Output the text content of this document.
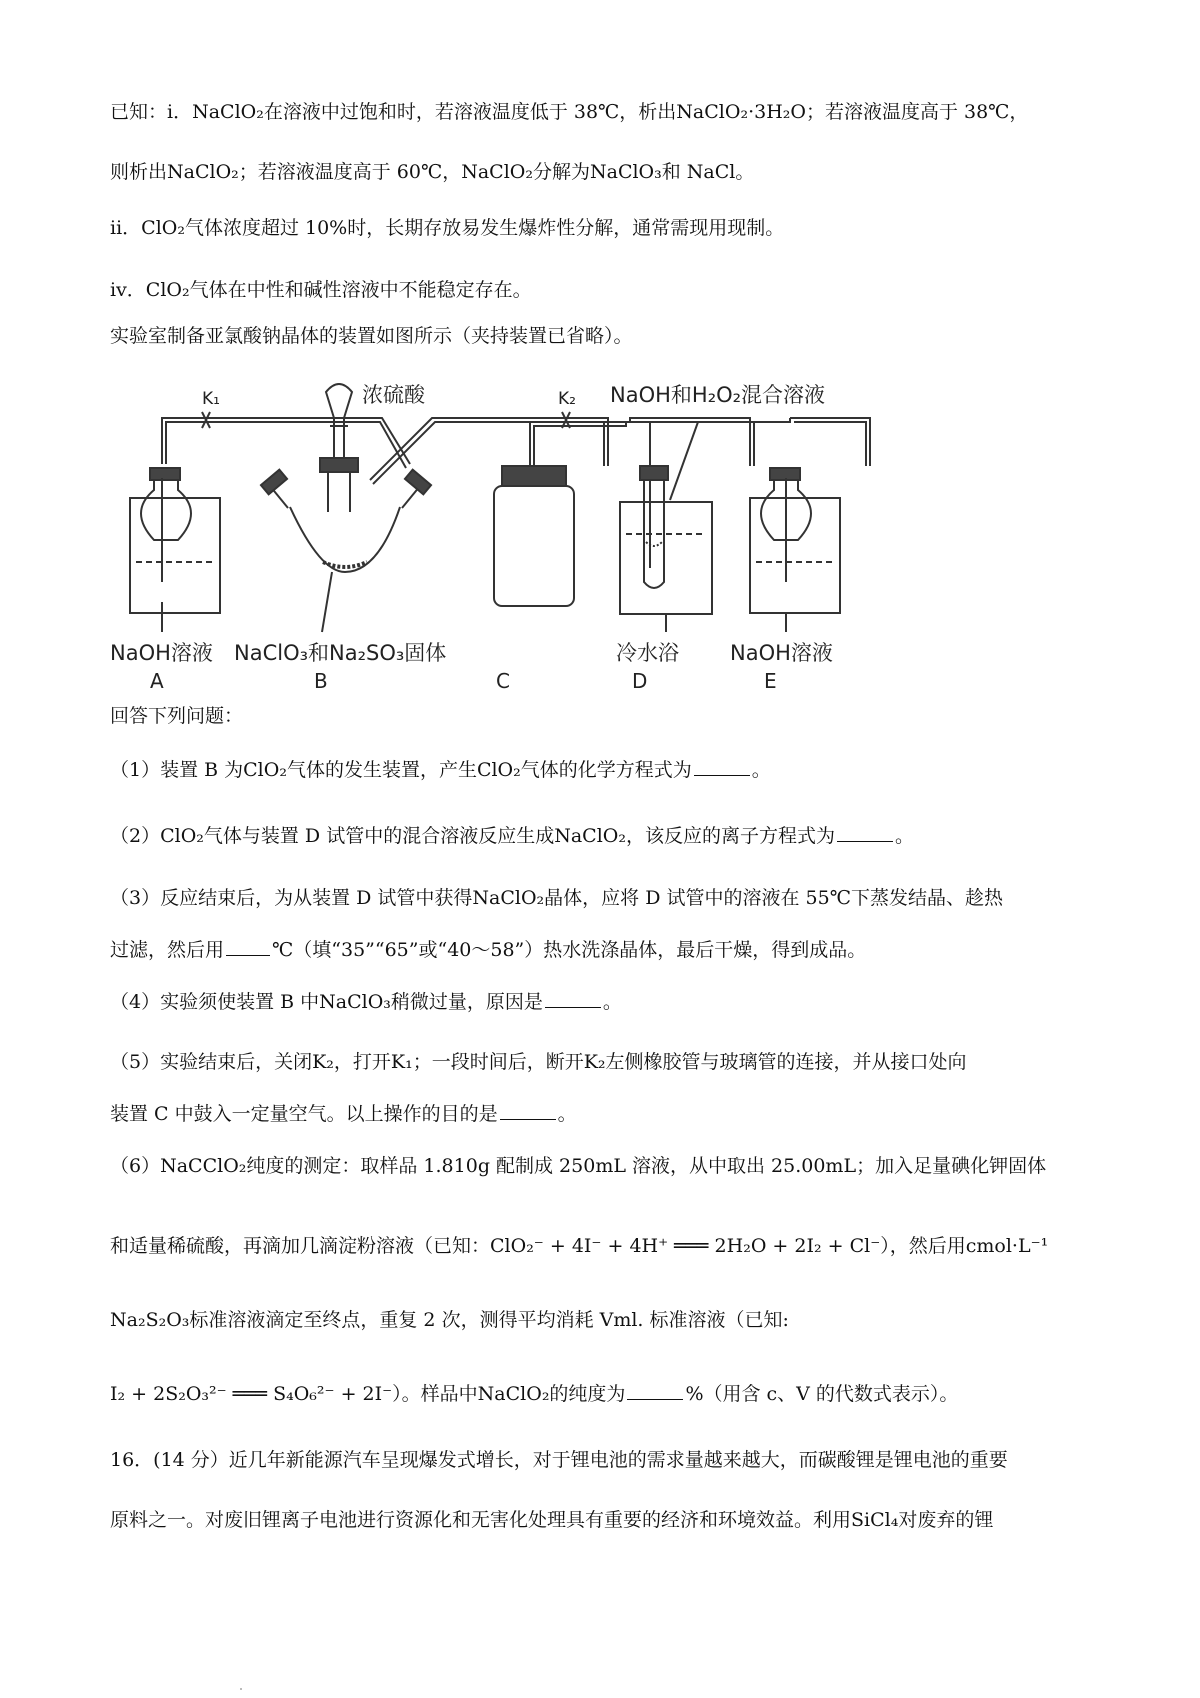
已知：ⅰ．NaClO₂在溶液中过饱和时，若溶液温度低于 38℃，析出NaClO₂·3H₂O；若溶液温度高于 38℃，
则析出NaClO₂；若溶液温度高于 60℃，NaClO₂分解为NaClO₃和 NaCl。
ⅱ．ClO₂气体浓度超过 10%时，长期存放易发生爆炸性分解，通常需现用现制。
ⅳ．ClO₂气体在中性和碱性溶液中不能稳定存在。
实验室制备亚氯酸钠晶体的装置如图所示（夹持装置已省略）。
K₁	K₂
浓硫酸	NaOH和H₂O₂混合溶液
NaOH溶液 NaClO₃和Na₂SO₃固体	冷水浴 NaOH溶液
A	B	C	D	E
回答下列问题：
（1）装置 B 为ClO₂气体的发生装置，产生ClO₂气体的化学方程式为	。
（2）ClO₂气体与装置 D 试管中的混合溶液反应生成NaClO₂，该反应的离子方程式为	。
（3）反应结束后，为从装置 D 试管中获得NaClO₂晶体，应将 D 试管中的溶液在 55℃下蒸发结晶、趁热
过滤，然后用	℃（填“35”“65”或“40～58”）热水洗涤晶体，最后干燥，得到成品。
（4）实验须使装置 B 中NaClO₃稍微过量，原因是	。
（5）实验结束后，关闭K₂，打开K₁；一段时间后，断开K₂左侧橡胶管与玻璃管的连接，并从接口处向
装置 C 中鼓入一定量空气。以上操作的目的是	。
（6）NaCClO₂纯度的测定：取样品 1.810g 配制成 250mL 溶液，从中取出 25.00mL；加入足量碘化钾固体
和适量稀硫酸，再滴加几滴淀粉溶液（已知：ClO₂⁻ + 4I⁻ + 4H⁺ ═══ 2H₂O + 2I₂ + Cl⁻），然后用cmol·L⁻¹
Na₂S₂O₃标准溶液滴定至终点，重复 2 次，测得平均消耗 Vml. 标准溶液（已知:
I₂ + 2S₂O₃²⁻ ═══ S₄O₆²⁻ + 2I⁻）。样品中NaClO₂的纯度为	%（用含 c、V 的代数式表示）。
16．(14 分）近几年新能源汽车呈现爆发式增长，对于锂电池的需求量越来越大，而碳酸锂是锂电池的重要
原料之一。对废旧锂离子电池进行资源化和无害化处理具有重要的经济和环境效益。利用SiCl₄对废弃的锂
